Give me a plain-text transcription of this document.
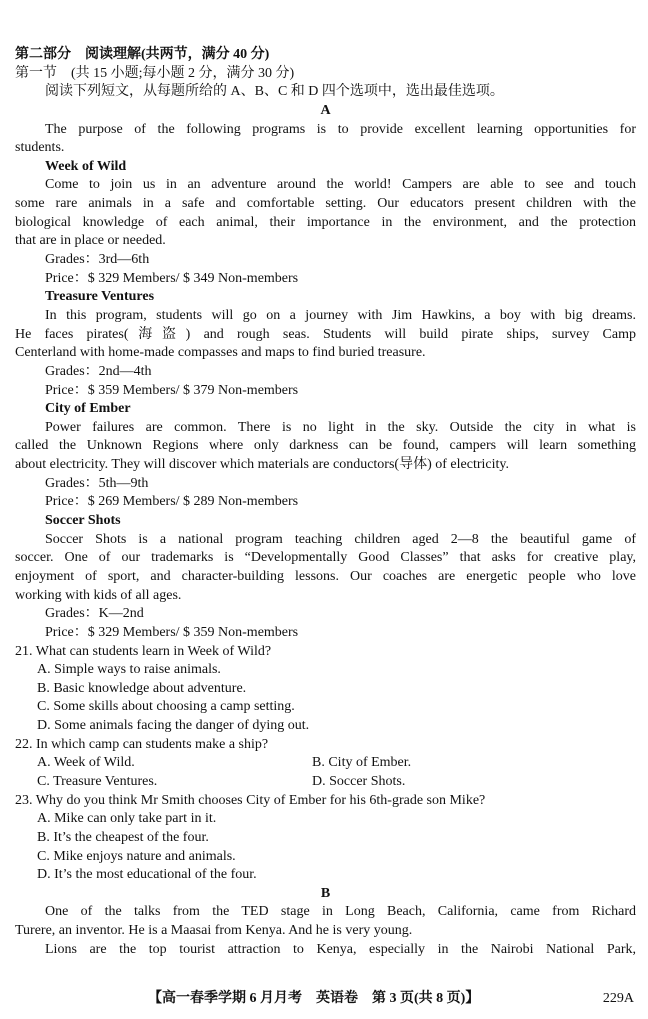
第二部分　阅读理解(共两节，满分 40 分)
第一节　(共 15 小题;每小题 2 分，满分 30 分)
阅读下列短文，从每题所给的 A、B、C 和 D 四个选项中，选出最佳选项。
A
The purpose of the following programs is to provide excellent learning opportunities for
students.
Week of Wild
Come to join us in an adventure around the world! Campers are able to see and touch
some rare animals in a safe and comfortable setting. Our educators present children with the
biological knowledge of each animal, their importance in the environment, and the protection
that are in place or needed.
Grades：3rd—6th
Price：$ 329 Members/ $ 349 Non-members
Treasure Ventures
In this program, students will go on a journey with Jim Hawkins, a boy with big dreams.
He faces pirates(海盗) and rough seas. Students will build pirate ships, survey Camp
Centerland with home-made compasses and maps to find buried treasure.
Grades：2nd—4th
Price：$ 359 Members/ $ 379 Non-members
City of Ember
Power failures are common. There is no light in the sky. Outside the city in what is
called the Unknown Regions where only darkness can be found, campers will learn something
about electricity. They will discover which materials are conductors(导体) of electricity.
Grades：5th—9th
Price：$ 269 Members/ $ 289 Non-members
Soccer Shots
Soccer Shots is a national program teaching children aged 2—8 the beautiful game of
soccer. One of our trademarks is “Developmentally Good Classes” that asks for creative play,
enjoyment of sport, and character-building lessons. Our coaches are energetic people who love
working with kids of all ages.
Grades：K—2nd
Price：$ 329 Members/ $ 359 Non-members
21. What can students learn in Week of Wild?
A. Simple ways to raise animals.
B. Basic knowledge about adventure.
C. Some skills about choosing a camp setting.
D. Some animals facing the danger of dying out.
22. In which camp can students make a ship?
A. Week of Wild.	B. City of Ember.
C. Treasure Ventures.	D. Soccer Shots.
23. Why do you think Mr Smith chooses City of Ember for his 6th-grade son Mike?
A. Mike can only take part in it.
B. It’s the cheapest of the four.
C. Mike enjoys nature and animals.
D. It’s the most educational of the four.
B
One of the talks from the TED stage in Long Beach, California, came from Richard
Turere, an inventor. He is a Maasai from Kenya. And he is very young.
Lions are the top tourist attraction to Kenya, especially in the Nairobi National Park,
【高一春季学期 6 月月考　英语卷　第 3 页(共 8 页)】	229A
